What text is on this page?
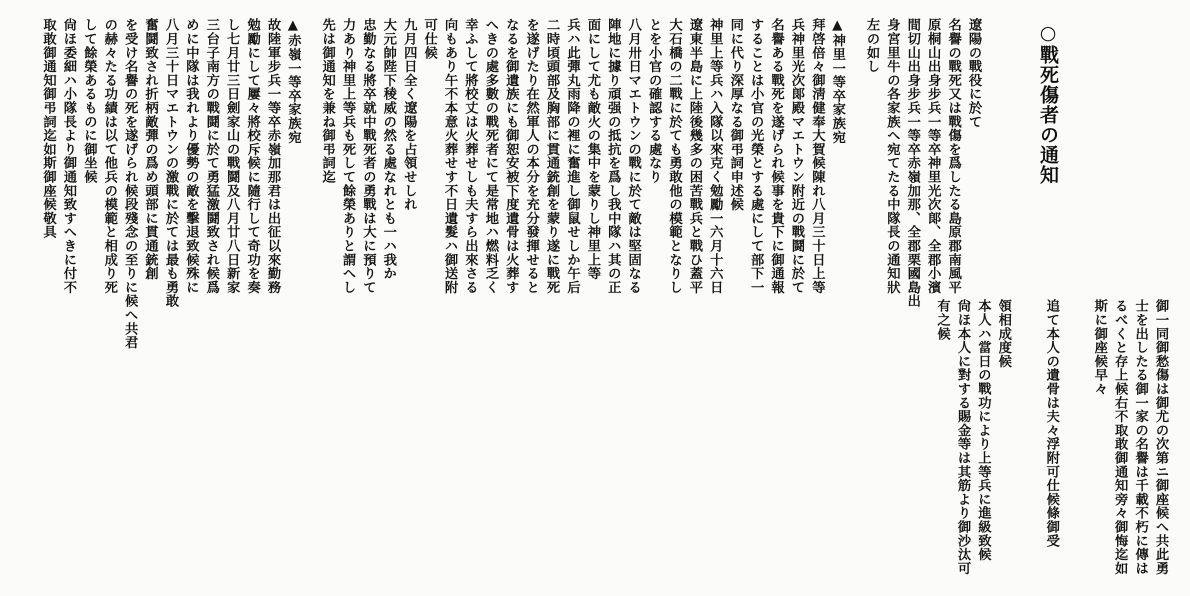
○戰死傷者の通知
遼陽の戰役に於て
名譽の戰死又は戰傷を爲したる島原郡南風平
原桐山出身步兵一等卒神里光次郞、全郡小濱
間切山出身步兵一等卒赤嶺加那、全郡栗國島出
身宮里牛の各家族へ宛てたる中隊長の通知狀
左の如し
▲神里一等卒家族宛
拜啓倍々御淸健奉大賀候陳れ八月三十日上等
兵神里光次郞殿マエトウン附近の戰鬪に於て
名譽ある戰死を遂げられ候事を貴下に御通報
することは小官の光榮とする處にして部下一
同に代り深厚なる御弔詞申述候
神里上等兵ハ入隊以來克く勉勵一六月十六日
遼東半島に上陸後幾多の困苦戰兵と戰ひ蓋平
大石橋の二戰に於ても勇敢他の模範となりし
とを小官の確認する處なり
八月卅日マエトウンの戰に於て敵は堅固なる
陣地に據り頑强の抵抗を爲し我中隊ハ其の正
面にして尤も敵火の集中を蒙りし神里上等
兵ハ此彈丸雨降の裡に奮進し御鼠せしか午后
二時頃頭部及胸部に貫通銃創を蒙り遂に戰死
を遂げたり在然軍人の本分を充分發揮せると
なるを御遺族にも御恕安被下度遺骨は火葬す
へきの處多數の戰死者にて是常地ハ燃料乏く
幸ふして將校丈は火葬せしも夫すら出來さる
向もあり午不本意火葬せす不日遺髮ハ御送附
可仕候
九月四日全く遼陽を占領せしれ
大元帥陛下稜威の然る處なれとも一ハ我か
忠勤なる將卒就中戰死者の勇戰は大に預りて
力あり神里上等兵も死して餘榮ありと謂へし
先は御通知を兼ね御弔詞迄
▲赤嶺一等卒家族宛
故陸軍步兵一等卒赤嶺加那君は出征以來勤務
勉勵にして屢々將校斥候に隨行して奇功を奏
し七月廿三日劍家山の戰鬪及八月廿八日新家
三台子南方の戰鬪に於て勇猛激鬪致され候爲
めに中隊は我れより優勢の敵を擊退致候殊に
八月三十日マエトウンの激戰に於ては最も勇敢
奮鬪致され折柄敵彈の爲め頭部に貫通銃創
を受け名譽の死を遂げられ候段殘念の至りに候へ共君
の赫々たる功績は以て他兵の模範と相成り死
して餘榮あるものに御坐候
尙ほ委細ハ小隊長より御通知致すへきに付不
取敢御通知御弔詞迄如斯御座候敬具
御一同御愁傷は御尤の次第ニ御座候へ共此勇
士を出したる御一家の名譽は千載不朽に傳は
るべくと存上候右不取敢御通知旁々御悔迄如
斯に御座候早々
追て本人の遺骨は夫々浮附可仕候條御受
領相成度候
本人ハ當日の戰功により上等兵に進級致候
尙ほ本人に對する賜金等は其筋より御沙汰可
有之候
